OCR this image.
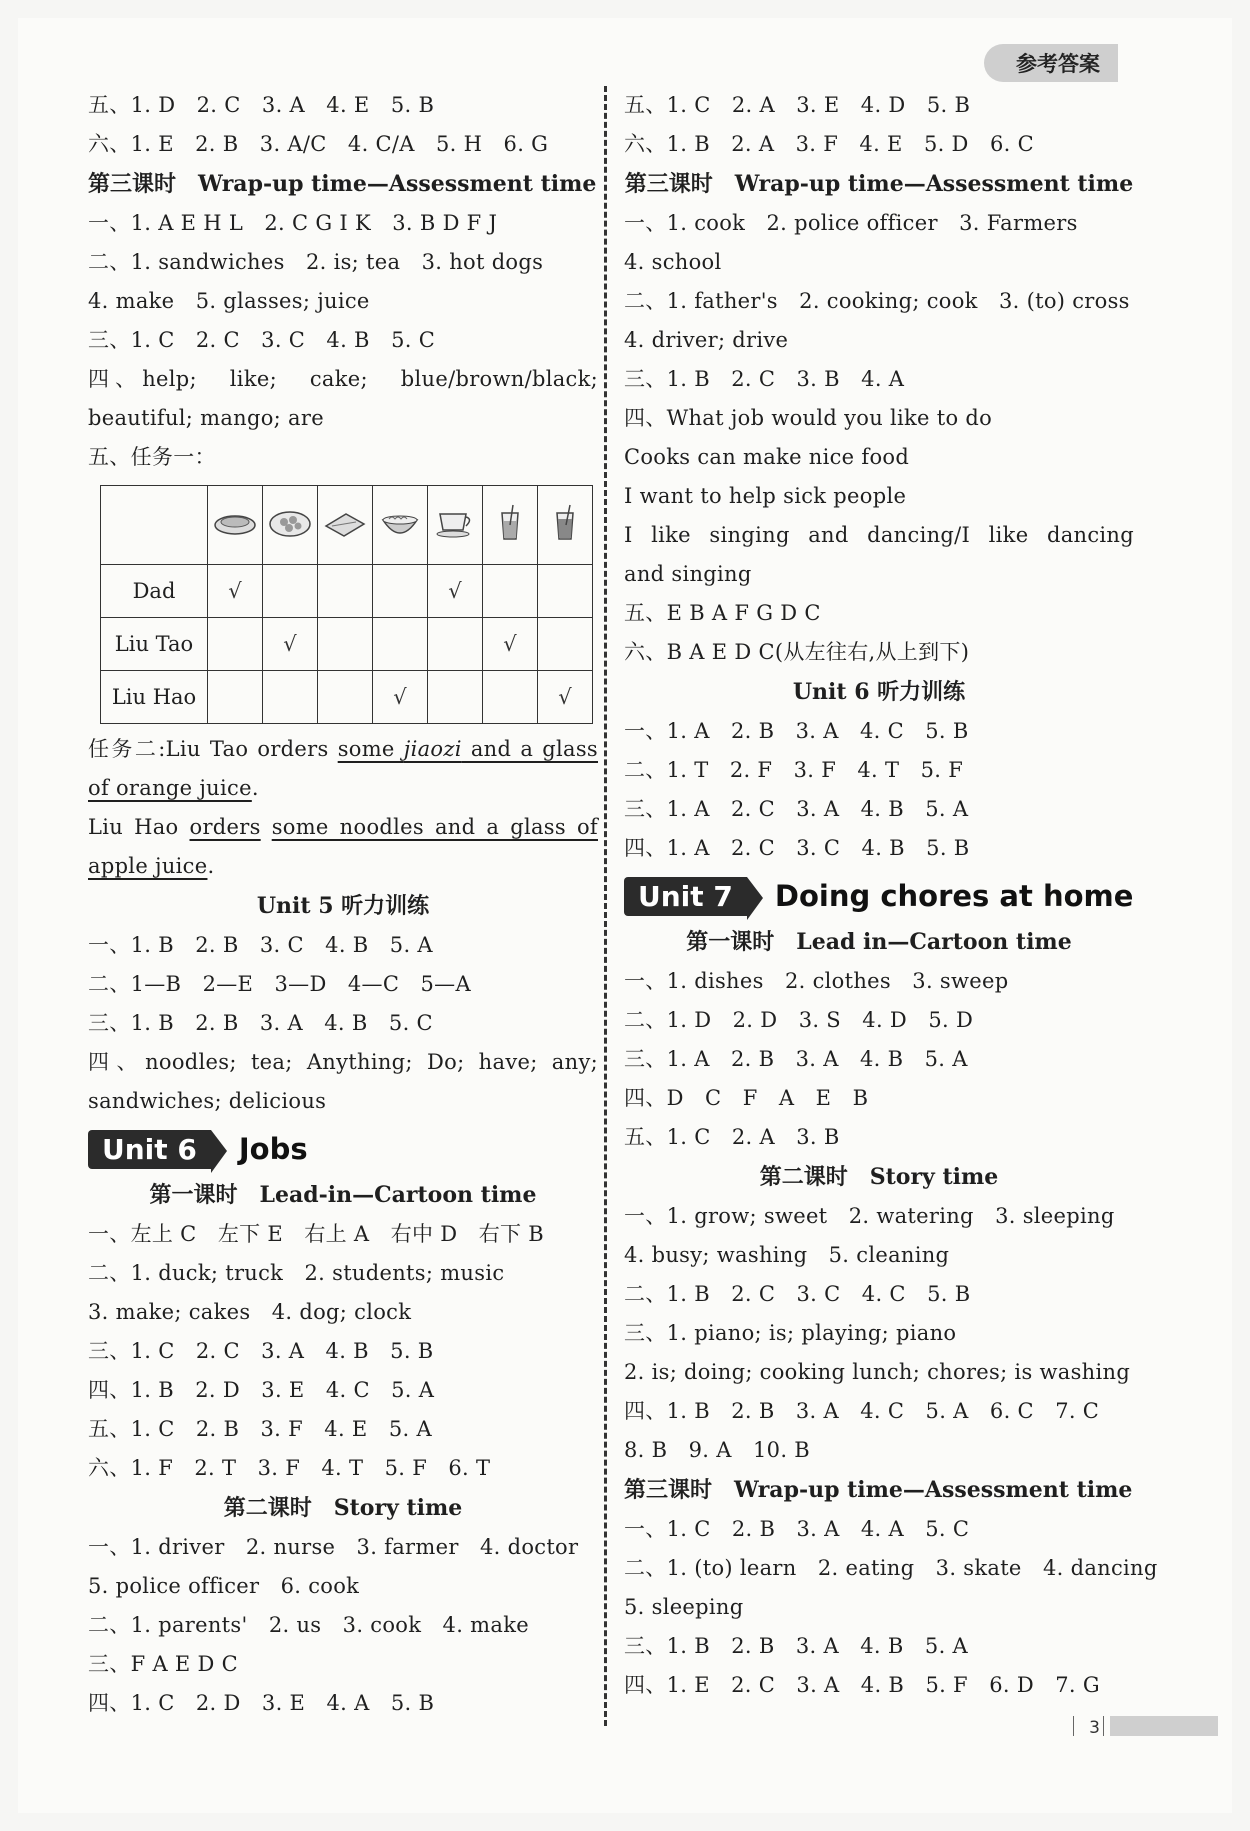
参考答案
五、1. D　2. C　3. A　4. E　5. B
六、1. E　2. B　3. A/C　4. C/A　5. H　6. G
第三课时　Wrap-up time—Assessment time
一、1. A E H L　2. C G I K　3. B D F J
二、1. sandwiches　2. is; tea　3. hot dogs
4. make　5. glasses; juice
三、1. C　2. C　3. C　4. B　5. C
四、help;　like;　cake;　blue/brown/black;
beautiful; mango; are
五、任务一：

Dad	√				√		
Liu Tao		√				√	
Liu Hao				√			√
任务二:Liu Tao orders some jiaozi and a glass
of orange juice.
Liu Hao orders some noodles and a glass of
apple juice.
Unit 5 听力训练
一、1. B　2. B　3. C　4. B　5. A
二、1—B　2—E　3—D　4—C　5—A
三、1. B　2. B　3. A　4. B　5. C
四、noodles; tea; Anything; Do; have; any;
sandwiches; delicious
Unit 6	Jobs
第一课时　Lead-in—Cartoon time
一、左上 C　左下 E　右上 A　右中 D　右下 B
二、1. duck; truck　2. students; music
3. make; cakes　4. dog; clock
三、1. C　2. C　3. A　4. B　5. B
四、1. B　2. D　3. E　4. C　5. A
五、1. C　2. B　3. F　4. E　5. A
六、1. F　2. T　3. F　4. T　5. F　6. T
第二课时　Story time
一、1. driver　2. nurse　3. farmer　4. doctor
5. police officer　6. cook
二、1. parents'　2. us　3. cook　4. make
三、F A E D C
四、1. C　2. D　3. E　4. A　5. B
五、1. C　2. A　3. E　4. D　5. B
六、1. B　2. A　3. F　4. E　5. D　6. C
第三课时　Wrap-up time—Assessment time
一、1. cook　2. police officer　3. Farmers
4. school
二、1. father's　2. cooking; cook　3. (to) cross
4. driver; drive
三、1. B　2. C　3. B　4. A
四、What job would you like to do
Cooks can make nice food
I want to help sick people
I like singing and dancing/I like dancing
and singing
五、E B A F G D C
六、B A E D C(从左往右,从上到下)
Unit 6 听力训练
一、1. A　2. B　3. A　4. C　5. B
二、1. T　2. F　3. F　4. T　5. F
三、1. A　2. C　3. A　4. B　5. A
四、1. A　2. C　3. C　4. B　5. B
Unit 7	Doing chores at home
第一课时　Lead in—Cartoon time
一、1. dishes　2. clothes　3. sweep
二、1. D　2. D　3. S　4. D　5. D
三、1. A　2. B　3. A　4. B　5. A
四、D　C　F　A　E　B
五、1. C　2. A　3. B
第二课时　Story time
一、1. grow; sweet　2. watering　3. sleeping
4. busy; washing　5. cleaning
二、1. B　2. C　3. C　4. C　5. B
三、1. piano; is; playing; piano
2. is; doing; cooking lunch; chores; is washing
四、1. B　2. B　3. A　4. C　5. A　6. C　7. C
8. B　9. A　10. B
第三课时　Wrap-up time—Assessment time
一、1. C　2. B　3. A　4. A　5. C
二、1. (to) learn　2. eating　3. skate　4. dancing
5. sleeping
三、1. B　2. B　3. A　4. B　5. A
四、1. E　2. C　3. A　4. B　5. F　6. D　7. G
3
